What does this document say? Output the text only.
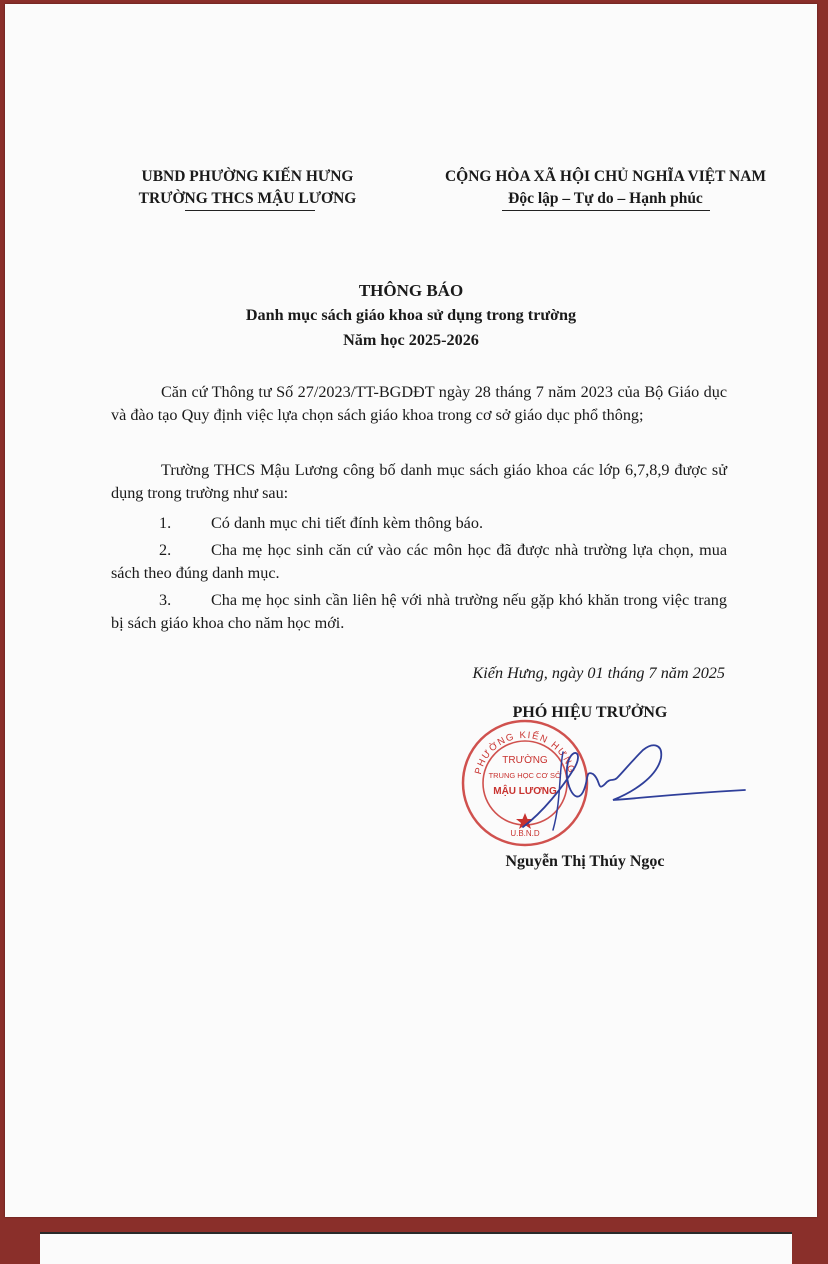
UBND PHƯỜNG KIẾN HƯNG
TRƯỜNG THCS MẬU LƯƠNG
CỘNG HÒA XÃ HỘI CHỦ NGHĨA VIỆT NAM
Độc lập – Tự do – Hạnh phúc
THÔNG BÁO
Danh mục sách giáo khoa sử dụng trong trường
Năm học 2025-2026
Căn cứ Thông tư Số 27/2023/TT-BGDĐT ngày 28 tháng 7 năm 2023 của Bộ Giáo dục và đào tạo Quy định việc lựa chọn sách giáo khoa trong cơ sở giáo dục phổ thông;
Trường THCS Mậu Lương công bố danh mục sách giáo khoa các lớp 6,7,8,9 được sử dụng trong trường như sau:
1.	Có danh mục chi tiết đính kèm thông báo.
2.	Cha mẹ học sinh căn cứ vào các môn học đã được nhà trường lựa chọn, mua sách theo đúng danh mục.
3.	Cha mẹ học sinh cần liên hệ với nhà trường nếu gặp khó khăn trong việc trang bị sách giáo khoa cho năm học mới.
Kiến Hưng, ngày 01 tháng 7 năm 2025
PHƯỜNG KIẾN HƯNG
U.B.N.D
TRƯỜNG
TRUNG HỌC CƠ SỞ
MẬU LƯƠNG
PHÓ HIỆU TRƯỞNG
Nguyễn Thị Thúy Ngọc
